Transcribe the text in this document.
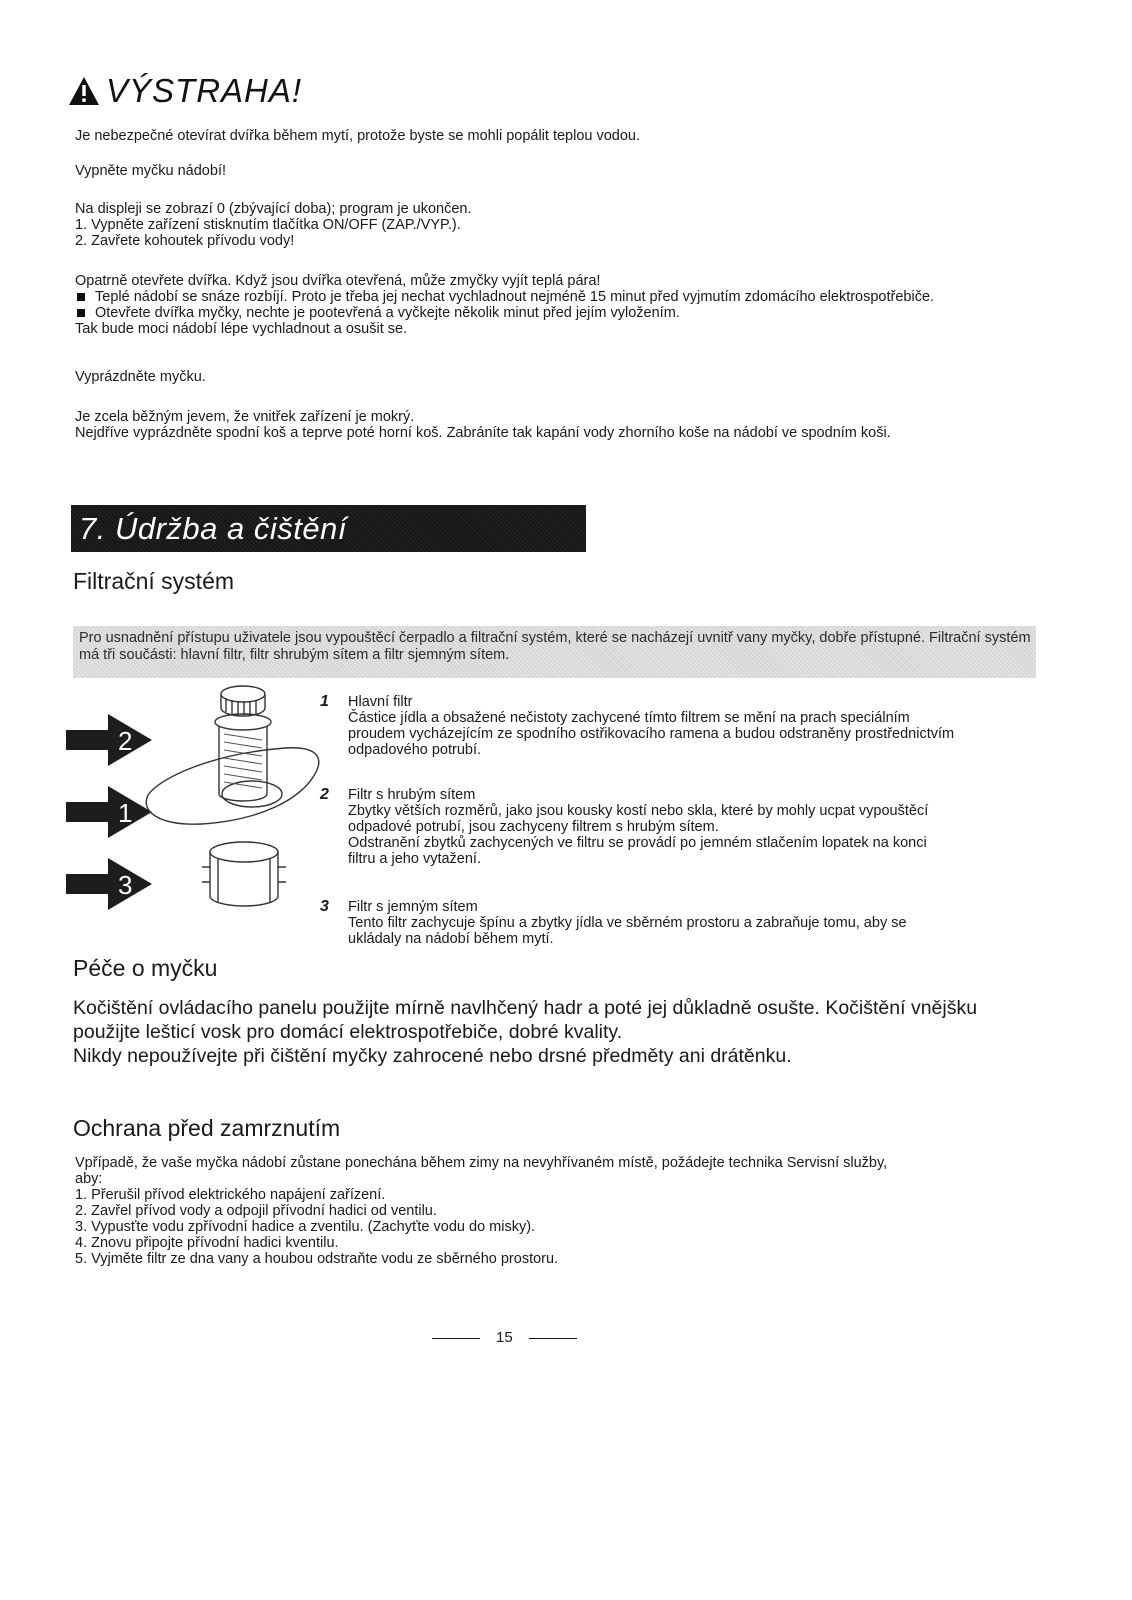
VÝSTRAHA!

Je nebezpečné otevírat dvířka během mytí, protože byste se mohli popálit teplou vodou.

Vypněte myčku nádobí!

Na displeji se zobrazí 0 (zbývající doba); program je ukončen.

1. Vypněte zařízení stisknutím tlačítka ON/OFF (ZAP./VYP.).

2. Zavřete kohoutek přívodu vody!

Opatrně otevřete dvířka. Když jsou dvířka otevřená, může zmyčky vyjít teplá pára!

Teplé nádobí se snáze rozbíjí. Proto je třeba jej nechat vychladnout nejméně 15 minut před vyjmutím zdomácího elektrospotřebiče.

Otevřete dvířka myčky, nechte je pootevřená a vyčkejte několik minut před jejím vyložením.

Tak bude moci nádobí lépe vychladnout a osušit se.

Vyprázdněte myčku.

Je zcela běžným jevem, že vnitřek zařízení je mokrý.

Nejdříve vyprázdněte spodní koš a teprve poté horní koš. Zabráníte tak kapání vody zhorního koše na nádobí ve spodním koši.

7. Údržba a čištění
Filtrační systém

Pro usnadnění přístupu uživatele jsou vypouštěcí čerpadlo a filtrační systém, které se nacházejí uvnitř vany myčky, dobře přístupné. Filtrační systém má tři součásti: hlavní filtr, filtr shrubým sítem a filtr sjemným sítem.

2
1
3
1 Hlavní filtr

Částice jídla a obsažené nečistoty zachycené tímto filtrem se mění na prach speciálním

proudem vycházejícím ze spodního ostřikovacího ramena a budou odstraněny prostřednictvím

odpadového potrubí.

2 Filtr s hrubým sítem

Zbytky větších rozměrů, jako jsou kousky kostí nebo skla, které by mohly ucpat vypouštěcí

odpadové potrubí, jsou zachyceny filtrem s hrubým sítem.

Odstranění zbytků zachycených ve filtru se provádí po jemném stlačením lopatek na konci

filtru a jeho vytažení.

3 Filtr s jemným sítem

Tento filtr zachycuje špínu a zbytky jídla ve sběrném prostoru a zabraňuje tomu, aby se

ukládaly na nádobí během mytí.

Péče o myčku

Kočištění ovládacího panelu použijte mírně navlhčený hadr a poté jej důkladně osušte. Kočištění vnějšku

použijte lešticí vosk pro domácí elektrospotřebiče, dobré kvality.

Nikdy nepoužívejte při čištění myčky zahrocené nebo drsné předměty ani drátěnku.

Ochrana před zamrznutím

Vpřípadě, že vaše myčka nádobí zůstane ponechána během zimy na nevyhřívaném místě, požádejte technika Servisní služby,

aby:

1. Přerušil přívod elektrického napájení zařízení.

2. Zavřel přívod vody a odpojil přívodní hadici od ventilu.

3. Vypusťte vodu zpřívodní hadice a zventilu. (Zachyťte vodu do misky).

4. Znovu připojte přívodní hadici kventilu.

5. Vyjměte filtr ze dna vany a houbou odstraňte vodu ze sběrného prostoru.

15
